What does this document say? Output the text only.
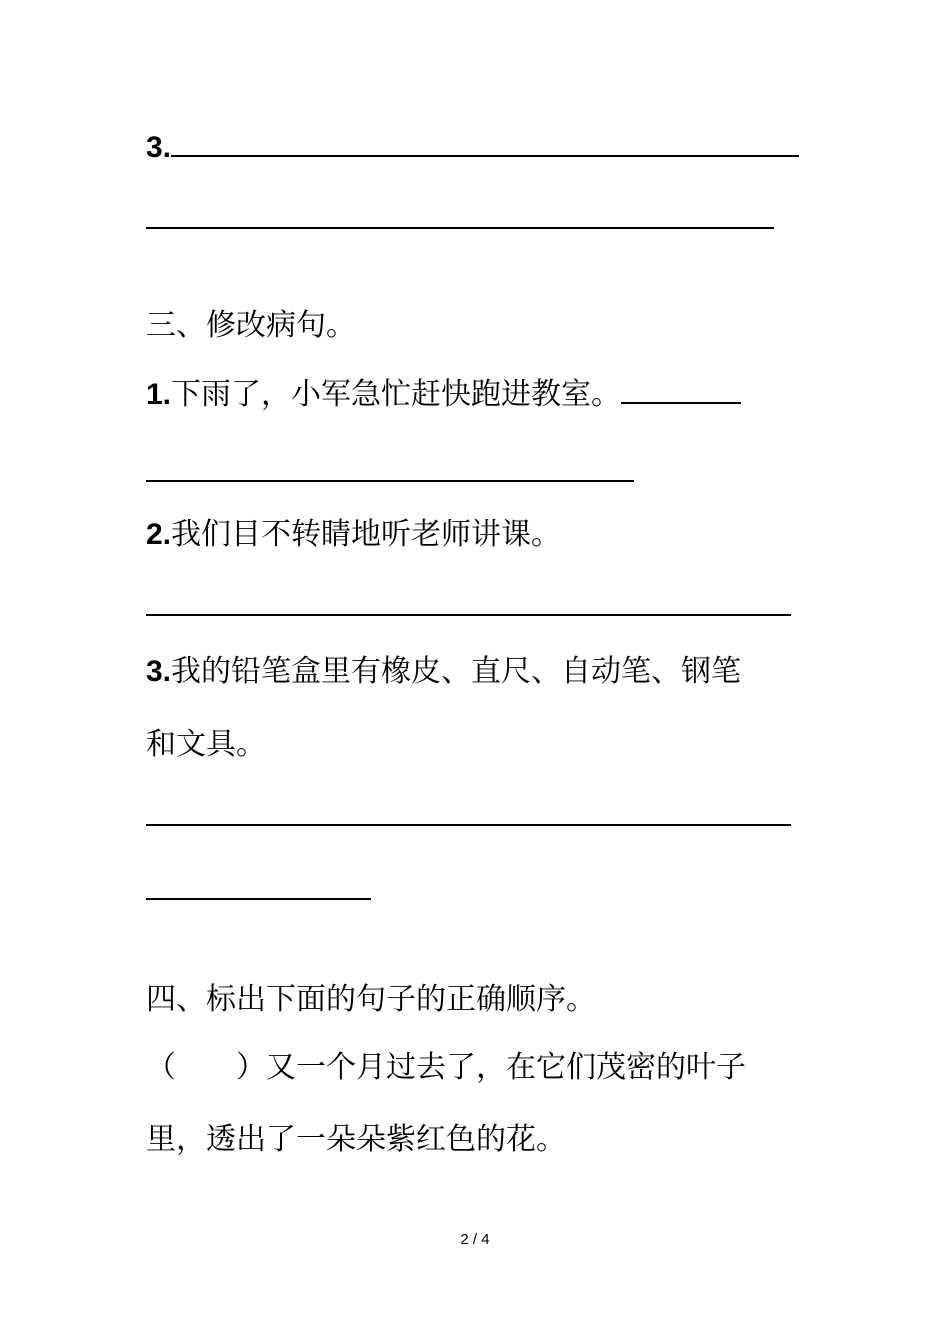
3.
三、修改病句。
1.下雨了，小军急忙赶快跑进教室。
2.我们目不转睛地听老师讲课。
3.我的铅笔盒里有橡皮、直尺、自动笔、钢笔
和文具。
四、标出下面的句子的正确顺序。
（　　）又一个月过去了，在它们茂密的叶子
里，透出了一朵朵紫红色的花。
2 / 4
